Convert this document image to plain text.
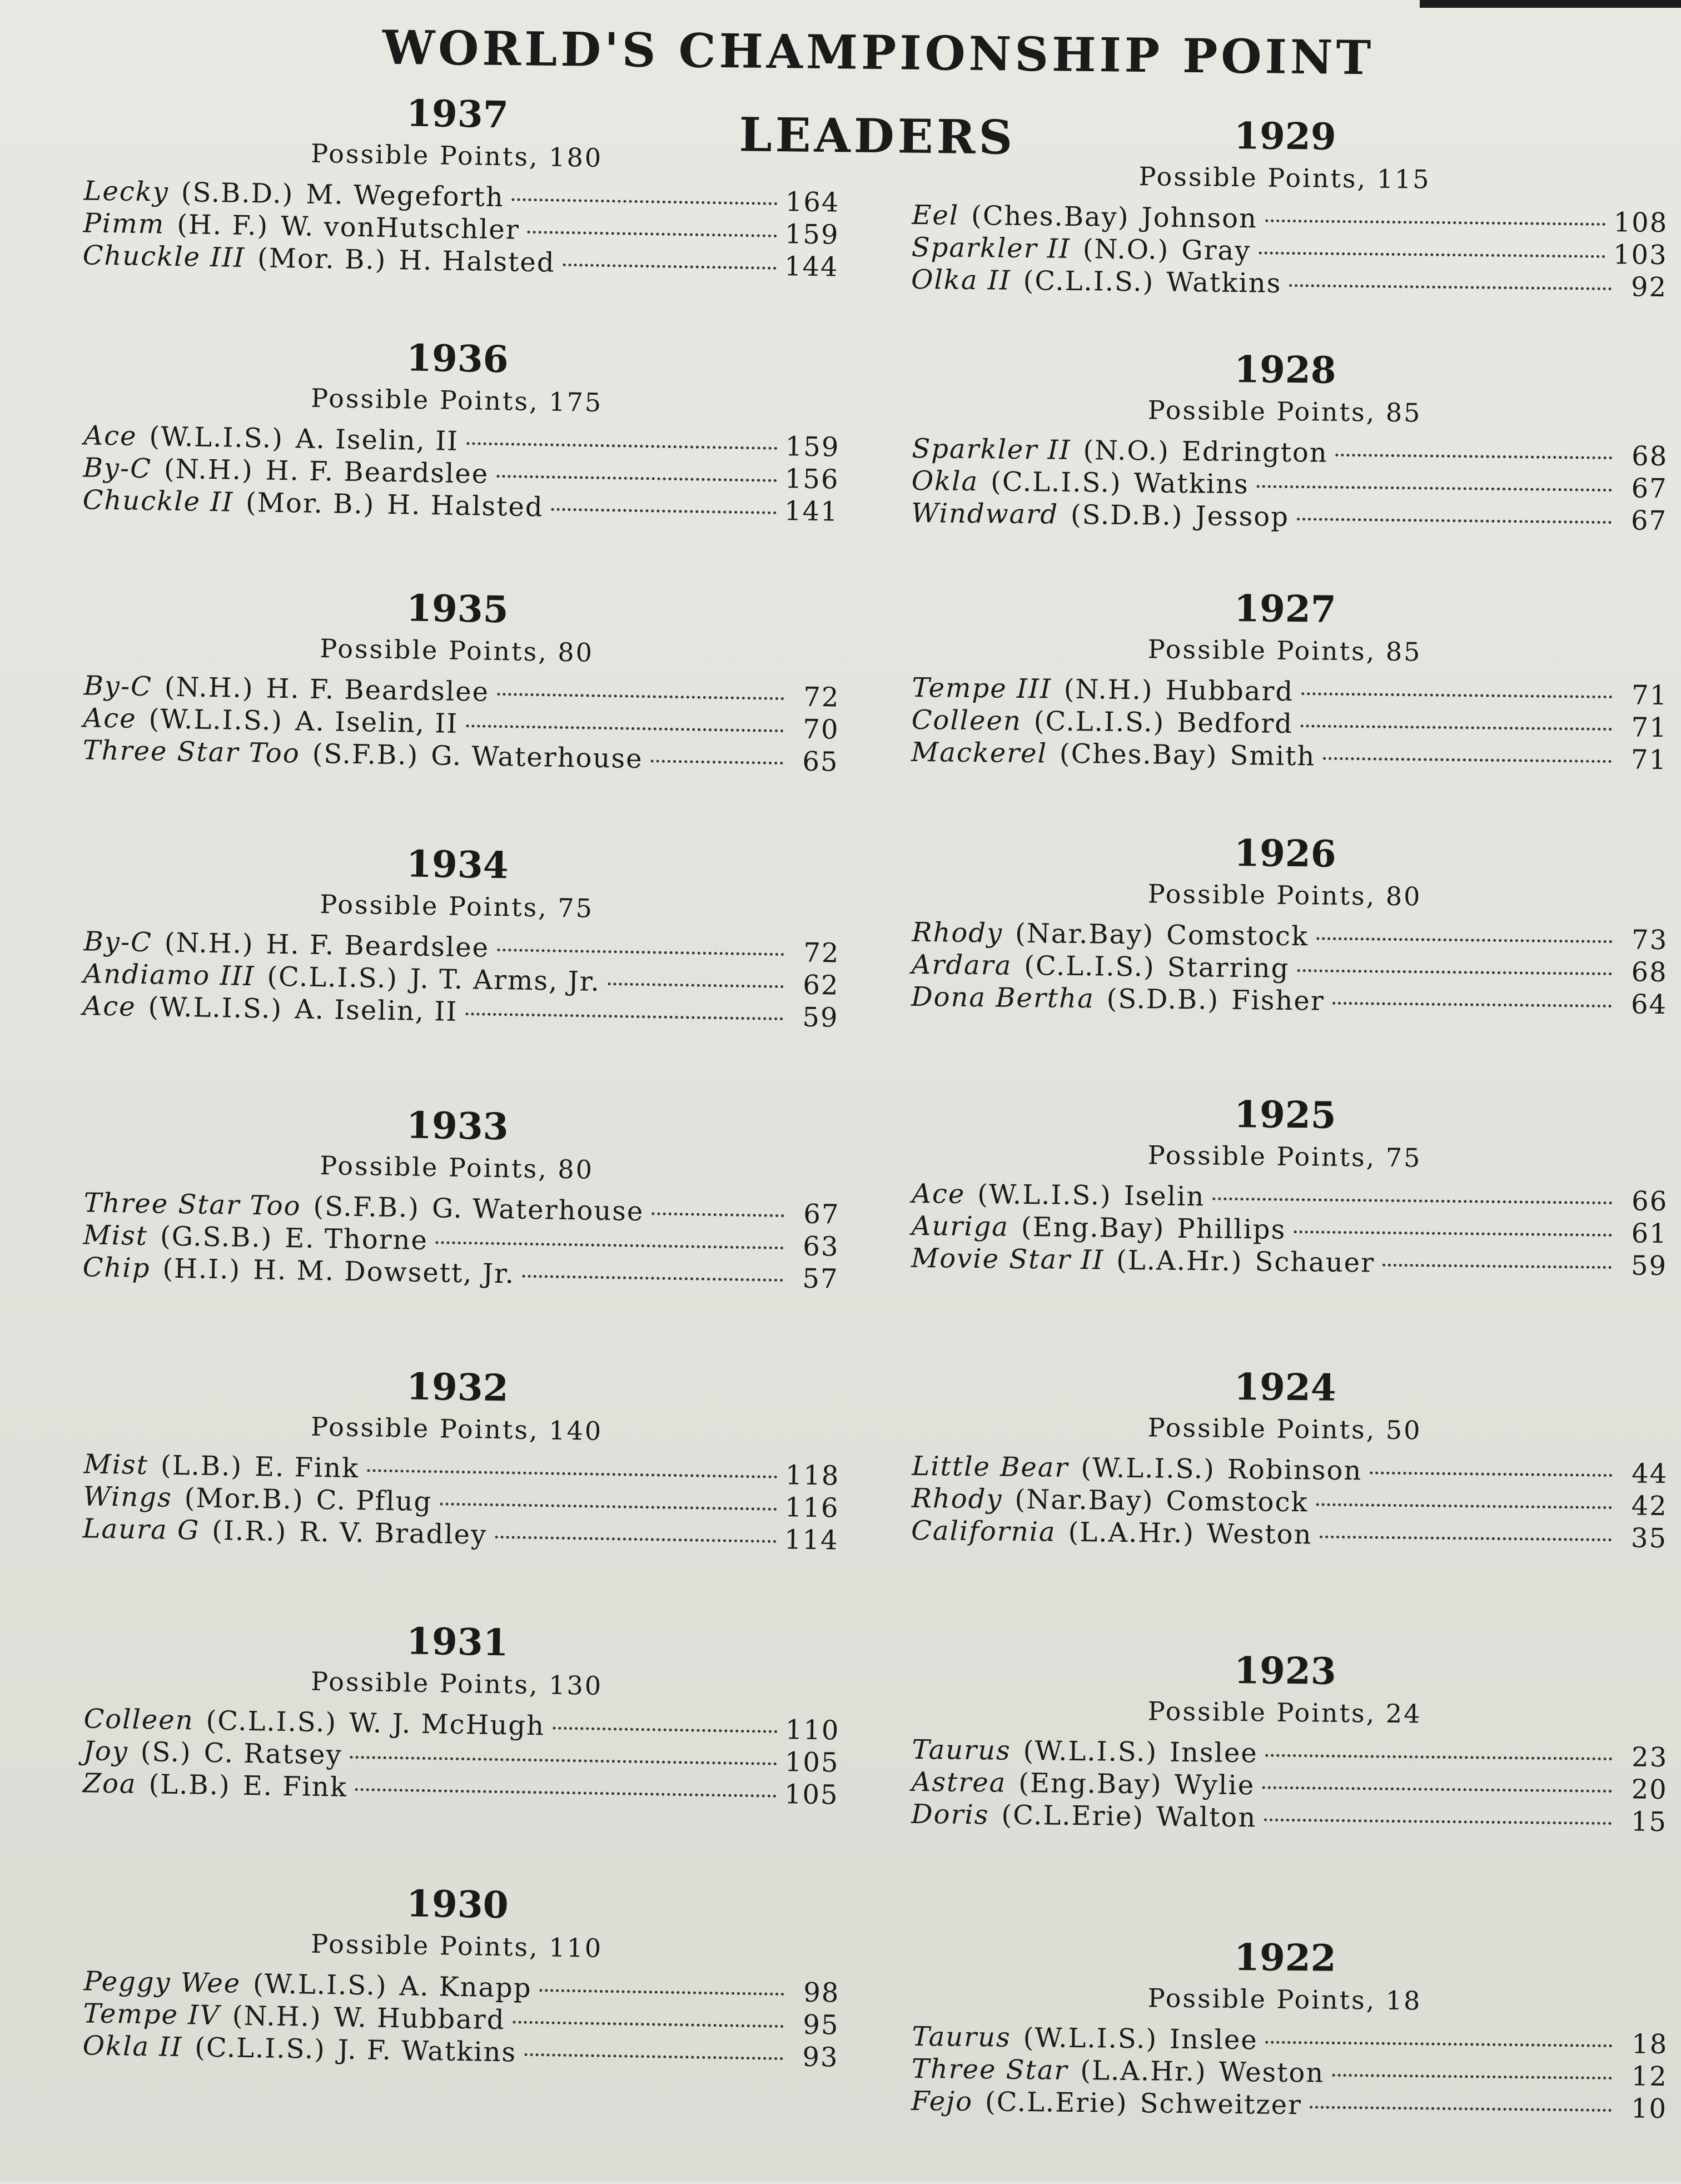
WORLD'S CHAMPIONSHIP POINT LEADERS
1937
Possible Points, 180
Lecky (S.B.D.) M. Wegeforth	164
Pimm (H. F.) W. vonHutschler	159
Chuckle III (Mor. B.) H. Halsted	144
1936
Possible Points, 175
Ace (W.L.I.S.) A. Iselin, II	159
By-C (N.H.) H. F. Beardslee	156
Chuckle II (Mor. B.) H. Halsted	141
1935
Possible Points, 80
By-C (N.H.) H. F. Beardslee	72
Ace (W.L.I.S.) A. Iselin, II	70
Three Star Too (S.F.B.) G. Waterhouse	65
1934
Possible Points, 75
By-C (N.H.) H. F. Beardslee	72
Andiamo III (C.L.I.S.) J. T. Arms, Jr.	62
Ace (W.L.I.S.) A. Iselin, II	59
1933
Possible Points, 80
Three Star Too (S.F.B.) G. Waterhouse	67
Mist (G.S.B.) E. Thorne	63
Chip (H.I.) H. M. Dowsett, Jr.	57
1932
Possible Points, 140
Mist (L.B.) E. Fink	118
Wings (Mor.B.) C. Pflug	116
Laura G (I.R.) R. V. Bradley	114
1931
Possible Points, 130
Colleen (C.L.I.S.) W. J. McHugh	110
Joy (S.) C. Ratsey	105
Zoa (L.B.) E. Fink	105
1930
Possible Points, 110
Peggy Wee (W.L.I.S.) A. Knapp	98
Tempe IV (N.H.) W. Hubbard	95
Okla II (C.L.I.S.) J. F. Watkins	93
1929
Possible Points, 115
Eel (Ches.Bay) Johnson	108
Sparkler II (N.O.) Gray	103
Olka II (C.L.I.S.) Watkins	92
1928
Possible Points, 85
Sparkler II (N.O.) Edrington	68
Okla (C.L.I.S.) Watkins	67
Windward (S.D.B.) Jessop	67
1927
Possible Points, 85
Tempe III (N.H.) Hubbard	71
Colleen (C.L.I.S.) Bedford	71
Mackerel (Ches.Bay) Smith	71
1926
Possible Points, 80
Rhody (Nar.Bay) Comstock	73
Ardara (C.L.I.S.) Starring	68
Dona Bertha (S.D.B.) Fisher	64
1925
Possible Points, 75
Ace (W.L.I.S.) Iselin	66
Auriga (Eng.Bay) Phillips	61
Movie Star II (L.A.Hr.) Schauer	59
1924
Possible Points, 50
Little Bear (W.L.I.S.) Robinson	44
Rhody (Nar.Bay) Comstock	42
California (L.A.Hr.) Weston	35
1923
Possible Points, 24
Taurus (W.L.I.S.) Inslee	23
Astrea (Eng.Bay) Wylie	20
Doris (C.L.Erie) Walton	15
1922
Possible Points, 18
Taurus (W.L.I.S.) Inslee	18
Three Star (L.A.Hr.) Weston	12
Fejo (C.L.Erie) Schweitzer	10
